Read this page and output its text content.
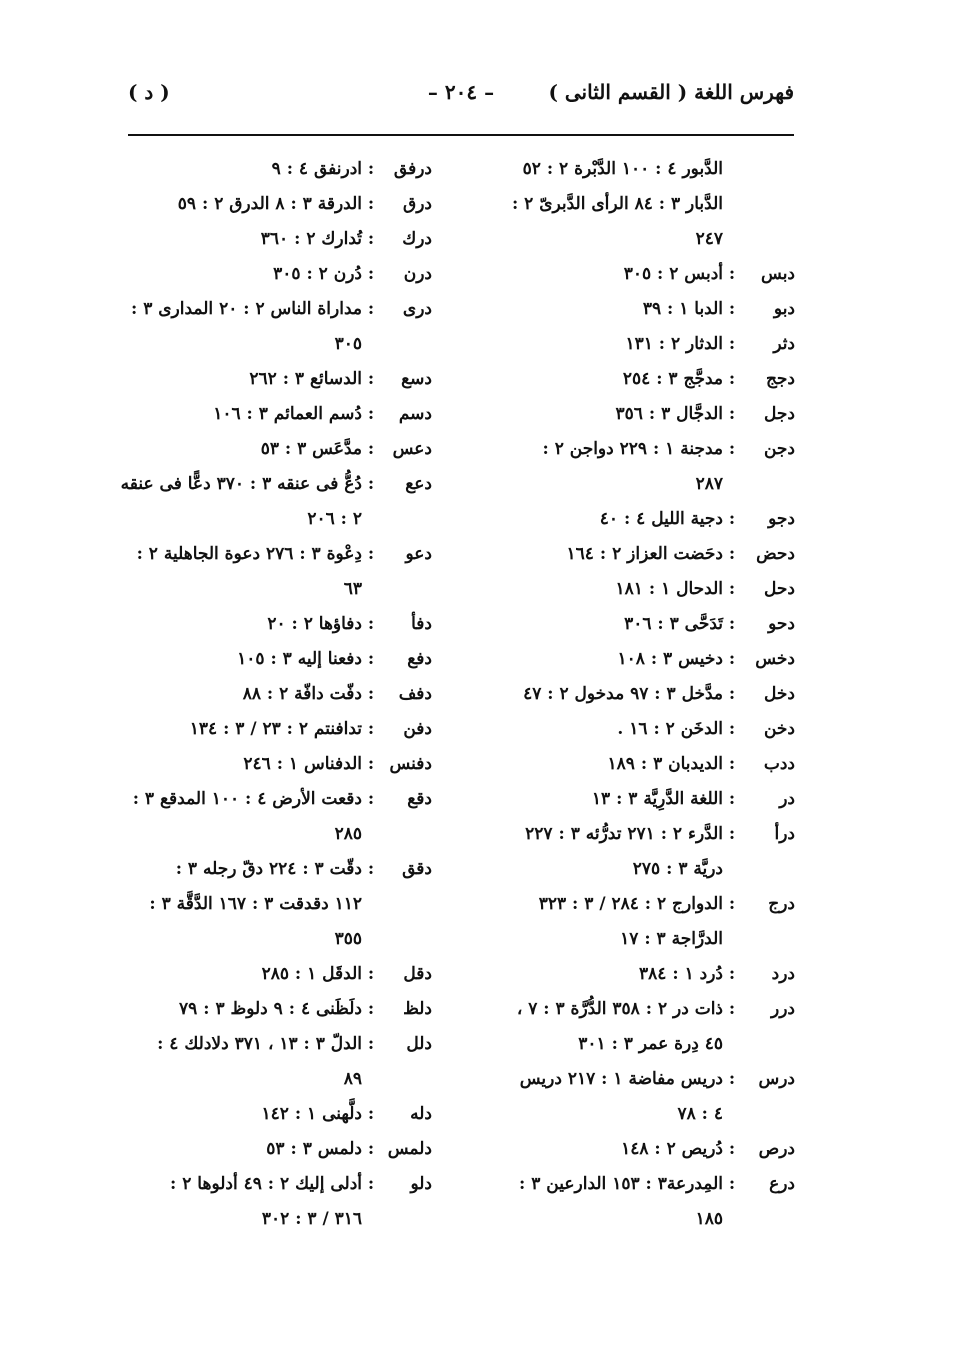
فهرس اللغة ( القسم الثانى )
– ٢٠٤ –
( د )
الدَّبور ٤ : ١٠٠ الدَّبْرة ٢ : ٥٢
الدَّبار ٣ : ٨٤ الرأى الدَّبرىّ ٢ :
٢٤٧
دبس
:
أدبس ٢ : ٣٠٥
دبو
:
الدبا ١ : ٣٩
دثر
:
الدثار ٢ : ١٣١
دجج
:
مدجَّج ٣ : ٢٥٤
دجل
:
الدجَّال ٣ : ٣٥٦
دجن
:
مدجنة ١ : ٢٢٩ دواجن ٢ :
٢٨٧
دجو
:
دجية الليل ٤ : ٤٠
دحض
:
دحَضت العزاز ٢ : ١٦٤
دحل
:
الدحال ١ : ١٨١
دحو
:
تَدَحَّى ٣ : ٣٠٦
دخس
:
دخيس ٣ : ١٠٨
دخل
:
مدَّخل ٣ : ٩٧ مدخول ٢ : ٤٧
دخن
:
الدخَن ٢ : ١٦ .
ددب
:
الديدبان ٣ : ١٨٩
در
:
اللغة الدَّرِيَّة ٣ : ١٣
درأ
:
الدَّرء ٢ : ٢٧١ تدرُّئه ٣ : ٢٢٧
دريَّة ٣ : ٢٧٥
درج
:
الدوارج ٢ : ٢٨٤ / ٣ : ٣٢٣
الدرَّاجة ٣ : ١٧
درد
:
دُرد ١ : ٣٨٤
درر
:
ذات در ٢ : ٣٥٨ الدُّرَّة ٣ : ٧ ،
٤٥ دِرة عمر ٣ : ٣٠١
درس
:
دريس مفاضة ١ : ٢١٧ دريس
٤ : ٧٨
درص
:
دُريص ٢ : ١٤٨
درع
:
المِدرعة٣ : ١٥٣ الدارعين ٣ :
١٨٥
درفق
:
ادرنفق ٤ : ٩
درق
:
الدرقة ٣ : ٨ الدرق ٢ : ٥٩
درك
:
تُدارك ٢ : ٣٦٠
درن
:
دُرن ٢ : ٣٠٥
درى
:
مداراة الناس ٢ : ٢٠ المدارى ٣ :
٣٠٥
دسع
:
الدسائع ٣ : ٢٦٢
دسم
:
دُسم العمائم ٣ : ١٠٦
دعس
:
مدَّعَس ٣ : ٥٣
دعع
:
دُعُّ فى عنقه ٣ : ٣٧٠ دعًّا فى عنقه
٢ : ٢٠٦
دعو
:
دِعْوة ٣ : ٢٧٦ دعوة الجاهلية ٢ :
٦٣
دفأ
:
دفاؤها ٢ : ٢٠
دفع
:
دفعنا إليه ٣ : ١٠٥
دفف
:
دفّت دافّة ٢ : ٨٨
دفن
:
تدافنتم ٢ : ٢٣ / ٣ : ١٣٤
دفنس
:
الدفناس ١ : ٢٤٦
دقع
:
دقعت الأرض ٤ : ١٠٠ المدقع ٣ :
٢٨٥
دقق
:
دقّت ٣ : ٢٢٤ دقّ رجله ٣ :
١١٢ دقدقت ٣ : ١٦٧ الدَّقَّة ٣ :
٣٥٥
دقل
:
الدقَل ١ : ٢٨٥
دلظ
:
دلَظَنى ٤ : ٩ دلوظ ٣ : ٧٩
دلل
:
الدلّ ٣ : ١٣ ، ٣٧١ دلادلك ٤ :
٨٩
دله
:
دلَّهنى ١ : ١٤٢
دلمس
:
دلمس ٣ : ٥٣
دلو
:
أدلى إليك ٢ : ٤٩ أدلوها ٢ :
٣١٦ / ٣ : ٣٠٢
